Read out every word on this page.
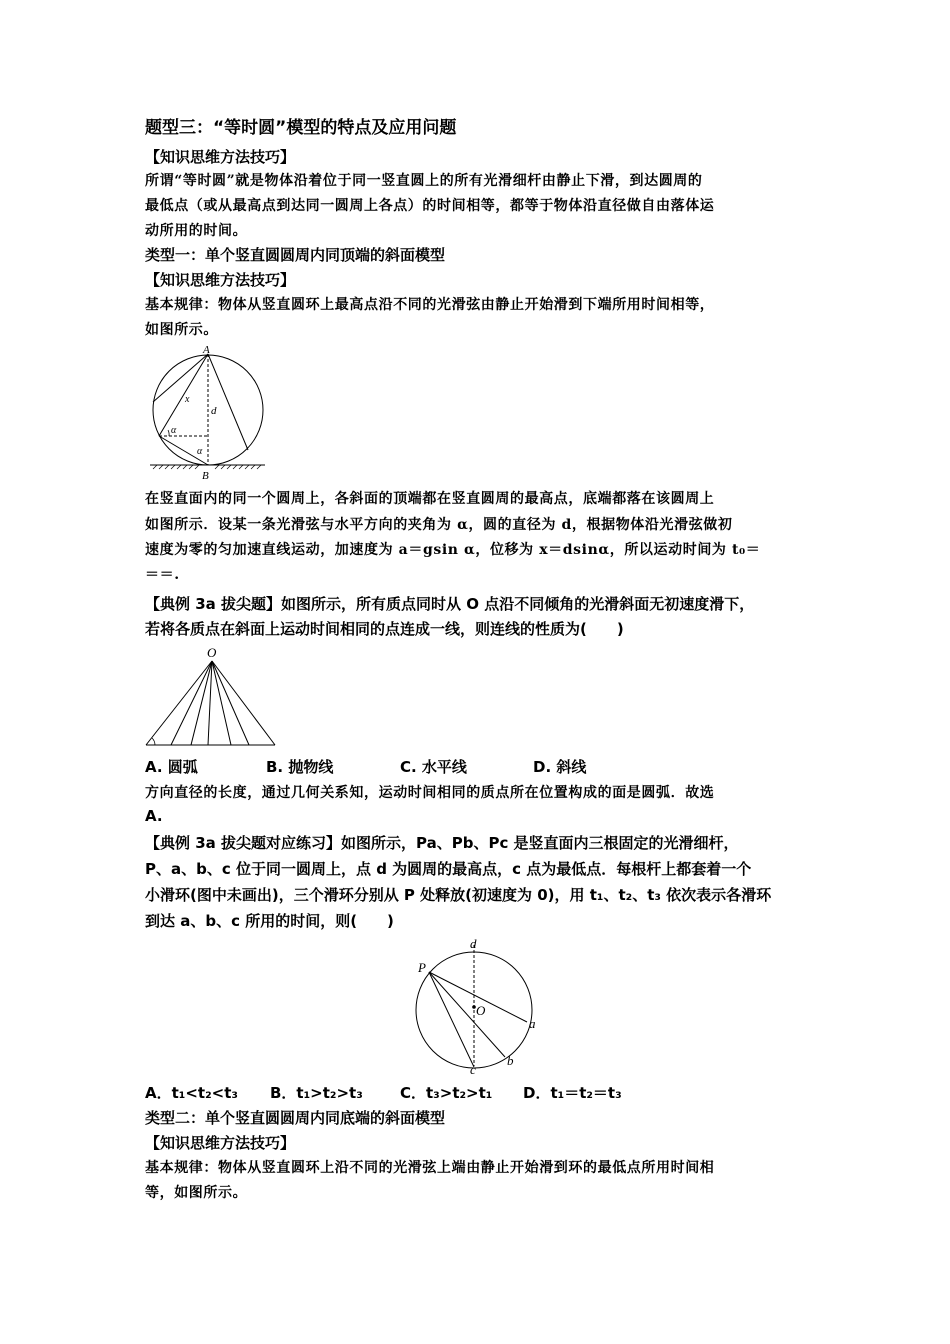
题型三：“等时圆”模型的特点及应用问题
【知识思维方法技巧】
所谓“等时圆”就是物体沿着位于同一竖直圆上的所有光滑细杆由静止下滑，到达圆周的
最低点（或从最高点到达同一圆周上各点）的时间相等，都等于物体沿直径做自由落体运
动所用的时间。
类型一：单个竖直圆圆周内同顶端的斜面模型
【知识思维方法技巧】
基本规律：物体从竖直圆环上最高点沿不同的光滑弦由静止开始滑到下端所用时间相等，
如图所示。
A
B
x
d
α
α
在竖直面内的同一个圆周上，各斜面的顶端都在竖直圆周的最高点，底端都落在该圆周上
如图所示．设某一条光滑弦与水平方向的夹角为 α，圆的直径为 d，根据物体沿光滑弦做初
速度为零的匀加速直线运动，加速度为 a＝gsin α，位移为 x＝dsinα，所以运动时间为 t₀＝
＝＝.
【典例 3a 拔尖题】如图所示，所有质点同时从 O 点沿不同倾角的光滑斜面无初速度滑下，
若将各质点在斜面上运动时间相同的点连成一线，则连线的性质为(　　)
O
A. 圆弧	B. 抛物线	C. 水平线	D. 斜线
方向直径的长度，通过几何关系知，运动时间相同的质点所在位置构成的面是圆弧．故选
A.
【典例 3a 拔尖题对应练习】如图所示，Pa、Pb、Pc 是竖直面内三根固定的光滑细杆，
P、a、b、c 位于同一圆周上，点 d 为圆周的最高点，c 点为最低点．每根杆上都套着一个
小滑环(图中未画出)，三个滑环分别从 P 处释放(初速度为 0)，用 t₁、t₂、t₃ 依次表示各滑环
到达 a、b、c 所用的时间，则(　　)
d
P
O
a
b
c
A．t₁<t₂<t₃ B．t₁>t₂>t₃ C．t₃>t₂>t₁ D．t₁＝t₂＝t₃
类型二：单个竖直圆圆周内同底端的斜面模型
【知识思维方法技巧】
基本规律：物体从竖直圆环上沿不同的光滑弦上端由静止开始滑到环的最低点所用时间相
等，如图所示。
